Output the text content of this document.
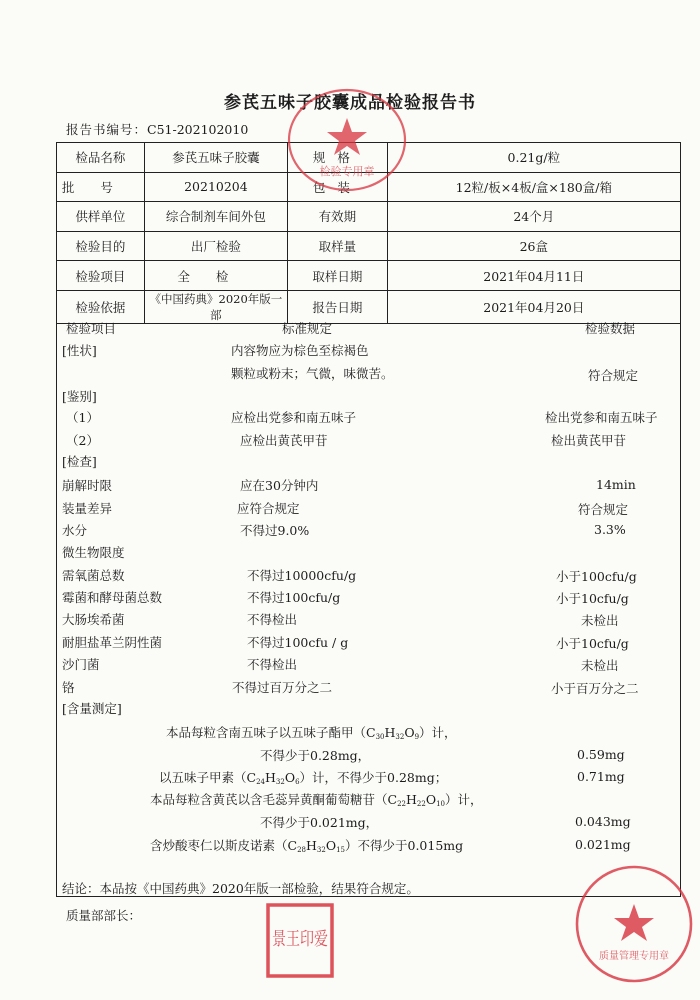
参芪五味子胶囊成品检验报告书
报告书编号：C51-202102010
检品名称	参芪五味子胶囊	规格	0.21g/粒
批号	20210204	包装	12粒/板×4板/盒×180盒/箱
供样单位	综合制剂车间外包	有效期	24个月
检验目的	出厂检验	取样量	26盒
检验项目	全检	取样日期	2021年04月11日
检验依据	《中国药典》2020年版一部	报告日期	2021年04月20日
检验项目	标准规定	检验数据
[性状]	内容物应为棕色至棕褐色
颗粒或粉末；气微，味微苦。	符合规定
[鉴别]
（1）	应检出党参和南五味子	检出党参和南五味子
（2）	应检出黄芪甲苷	检出黄芪甲苷
[检查]
崩解时限	应在30分钟内	14min
装量差异	应符合规定	符合规定
水分	不得过9.0%	3.3%
微生物限度
需氧菌总数	不得过10000cfu/g	小于100cfu/g
霉菌和酵母菌总数	不得过100cfu/g	小于10cfu/g
大肠埃希菌	不得检出	未检出
耐胆盐革兰阴性菌	不得过100cfu / g	小于10cfu/g
沙门菌	不得检出	未检出
铬	不得过百万分之二	小于百万分之二
[含量测定]
本品每粒含南五味子以五味子酯甲（C30H32O9）计，
不得少于0.28mg，	0.59mg
以五味子甲素（C24H32O6）计，不得少于0.28mg；	0.71mg
本品每粒含黄芪以含毛蕊异黄酮葡萄糖苷（C22H22O10）计，
不得少于0.021mg，	0.043mg
含炒酸枣仁以斯皮诺素（C28H32O15）不得少于0.015mg	0.021mg
结论：本品按《中国药典》2020年版一部检验，结果符合规定。
质量部部长：
检验专用章
景王印爱
质量管理专用章
